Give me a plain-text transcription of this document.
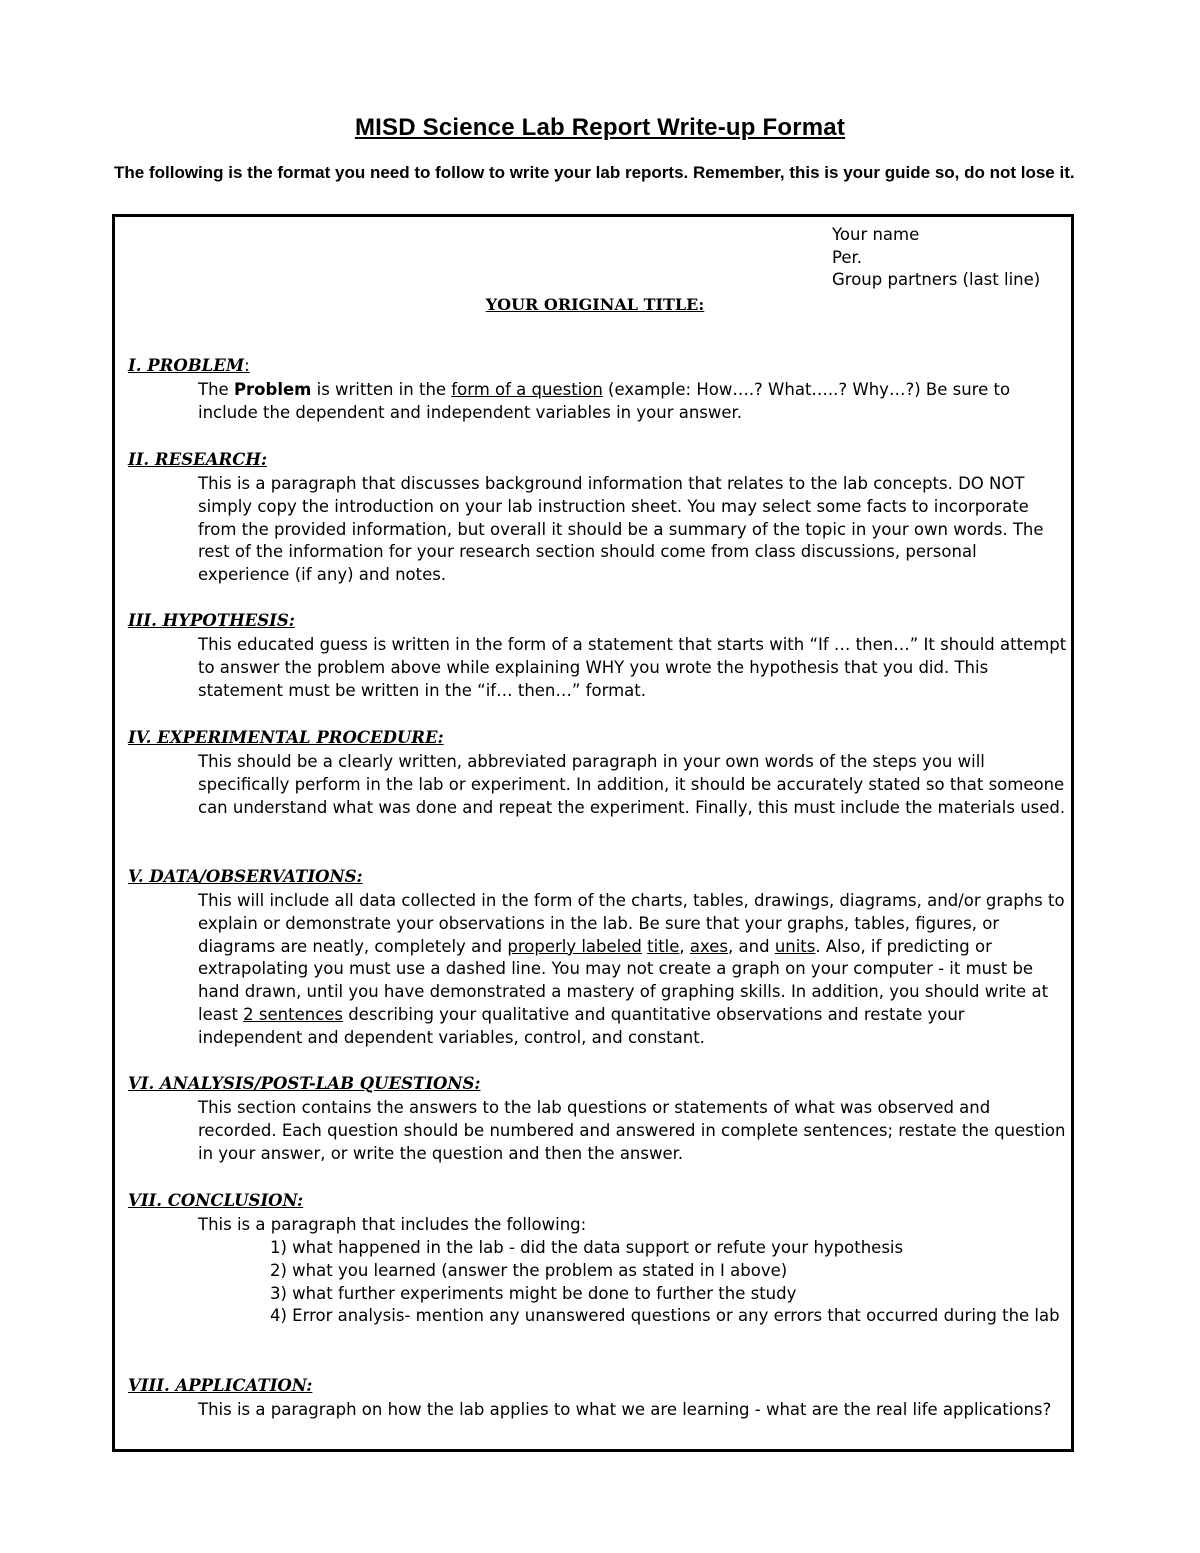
MISD Science Lab Report Write-up Format
The following is the format you need to follow to write your lab reports. Remember, this is your guide so, do not lose it.
Your name
Per.
Group partners (last line)
YOUR ORIGINAL TITLE:
I. PROBLEM:
The Problem is written in the form of a question (example: How….? What…..? Why…?) Be sure to include the dependent and independent variables in your answer.
II. RESEARCH:
This is a paragraph that discusses background information that relates to the lab concepts. DO NOT simply copy the introduction on your lab instruction sheet. You may select some facts to incorporate from the provided information, but overall it should be a summary of the topic in your own words. The rest of the information for your research section should come from class discussions, personal experience (if any) and notes.
III. HYPOTHESIS:
This educated guess is written in the form of a statement that starts with “If … then…” It should attempt to answer the problem above while explaining WHY you wrote the hypothesis that you did. This statement must be written in the “if… then…” format.
IV. EXPERIMENTAL PROCEDURE:
This should be a clearly written, abbreviated paragraph in your own words of the steps you will specifically perform in the lab or experiment. In addition, it should be accurately stated so that someone can understand what was done and repeat the experiment. Finally, this must include the materials used.
V. DATA/OBSERVATIONS:
This will include all data collected in the form of the charts, tables, drawings, diagrams, and/or graphs to explain or demonstrate your observations in the lab. Be sure that your graphs, tables, figures, or diagrams are neatly, completely and properly labeled title, axes, and units. Also, if predicting or extrapolating you must use a dashed line. You may not create a graph on your computer - it must be hand drawn, until you have demonstrated a mastery of graphing skills. In addition, you should write at least 2 sentences describing your qualitative and quantitative observations and restate your independent and dependent variables, control, and constant.
VI. ANALYSIS/POST-LAB QUESTIONS:
This section contains the answers to the lab questions or statements of what was observed and recorded. Each question should be numbered and answered in complete sentences; restate the question in your answer, or write the question and then the answer.
VII. CONCLUSION:
This is a paragraph that includes the following:
1) what happened in the lab - did the data support or refute your hypothesis
2) what you learned (answer the problem as stated in I above)
3) what further experiments might be done to further the study
4) Error analysis- mention any unanswered questions or any errors that occurred during the lab
VIII. APPLICATION:
This is a paragraph on how the lab applies to what we are learning - what are the real life applications?
